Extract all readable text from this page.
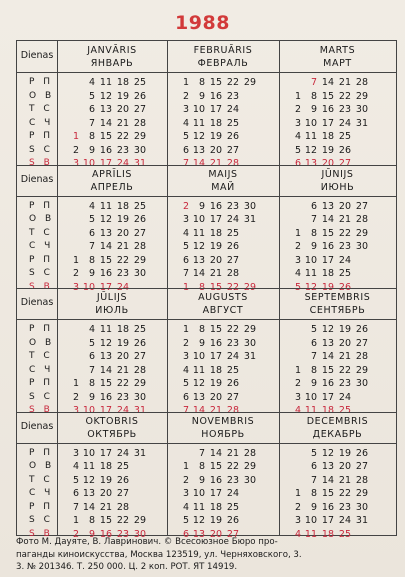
1988
Dienas
Р П
О В
Т С
С Ч
Р П
S C
S B
JANVĀRIS
ЯНВАРЬ
4 11 18 25
5 12 19 26
6 13 20 27
7 14 21 28
1 8 15 22 29
2 9 16 23 30
3 10 17 24 31
FEBRUĀRIS
ФЕВРАЛЬ
1 8 15 22 29
2 9 16 23
3 10 17 24
4 11 18 25
5 12 19 26
6 13 20 27
7 14 21 28
MARTS
МАРТ
7 14 21 28
1 8 15 22 29
2 9 16 23 30
3 10 17 24 31
4 11 18 25
5 12 19 26
6 13 20 27
Dienas
Р П
О В
Т С
С Ч
Р П
S C
S B
APRĪLIS
АПРЕЛЬ
4 11 18 25
5 12 19 26
6 13 20 27
7 14 21 28
1 8 15 22 29
2 9 16 23 30
3 10 17 24
MAIJS
МАЙ
2 9 16 23 30
3 10 17 24 31
4 11 18 25
5 12 19 26
6 13 20 27
7 14 21 28
1 8 15 22 29
JŪNIJS
ИЮНЬ
6 13 20 27
7 14 21 28
1 8 15 22 29
2 9 16 23 30
3 10 17 24
4 11 18 25
5 12 19 26
Dienas
Р П
О В
Т С
С Ч
Р П
S C
S B
JŪLIJS
ИЮЛЬ
4 11 18 25
5 12 19 26
6 13 20 27
7 14 21 28
1 8 15 22 29
2 9 16 23 30
3 10 17 24 31
AUGUSTS
АВГУСТ
1 8 15 22 29
2 9 16 23 30
3 10 17 24 31
4 11 18 25
5 12 19 26
6 13 20 27
7 14 21 28
SEPTEMBRIS
СЕНТЯБРЬ
5 12 19 26
6 13 20 27
7 14 21 28
1 8 15 22 29
2 9 16 23 30
3 10 17 24
4 11 18 25
Dienas
Р П
О В
Т С
С Ч
Р П
S C
S B
OKTOBRIS
ОКТЯБРЬ
3 10 17 24 31
4 11 18 25
5 12 19 26
6 13 20 27
7 14 21 28
1 8 15 22 29
2 9 16 23 30
NOVEMBRIS
НОЯБРЬ
7 14 21 28
1 8 15 22 29
2 9 16 23 30
3 10 17 24
4 11 18 25
5 12 19 26
6 13 20 27
DECEMBRIS
ДЕКАБРЬ
5 12 19 26
6 13 20 27
7 14 21 28
1 8 15 22 29
2 9 16 23 30
3 10 17 24 31
4 11 18 25
Фото М. Дауяте, В. Лавринович. © Всесоюзное Бюро про-
паганды киноискусства, Москва 123519, ул. Черняховского, 3.
3. № 201346. Т. 250 000. Ц. 2 коп. РОТ. ЯТ 14919.
